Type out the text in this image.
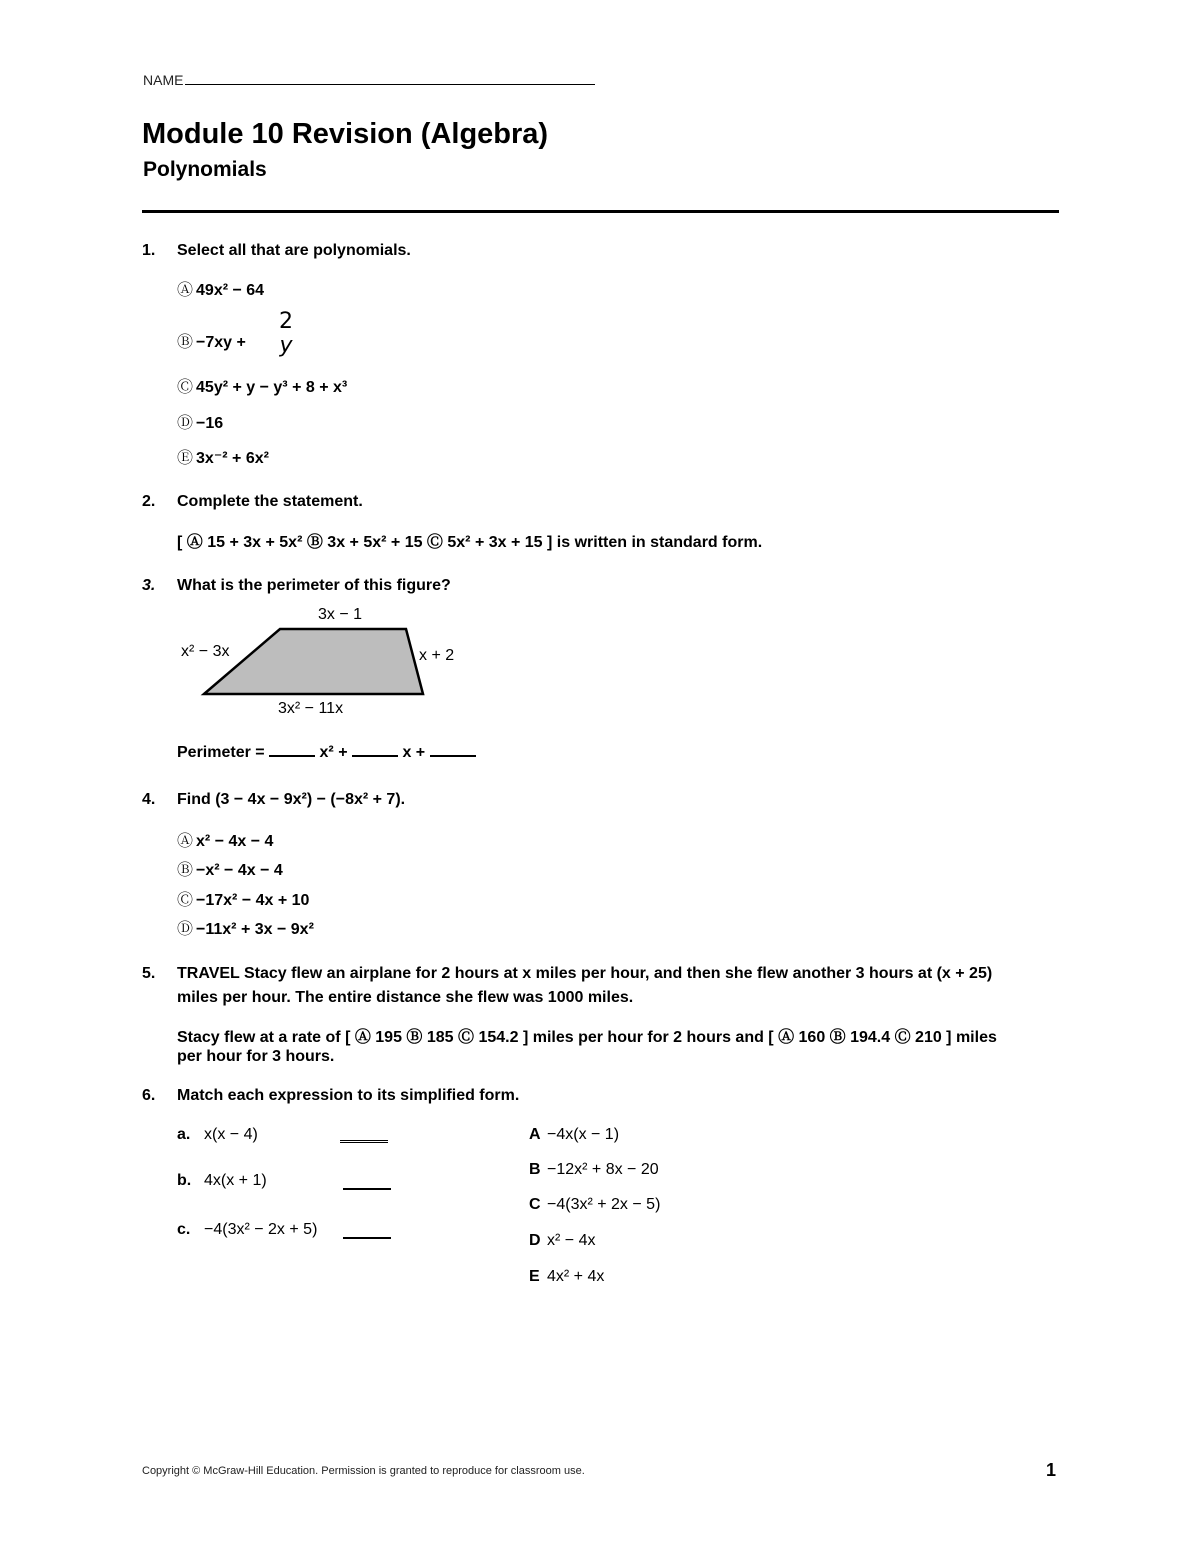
NAME
Module 10 Revision (Algebra)
Polynomials
1. Select all that are polynomials.
Ⓐ 49x² − 64
Ⓑ −7xy +
2
y
Ⓒ 45y² + y − y³ + 8 + x³
Ⓓ −16
Ⓔ 3x⁻² + 6x²
2. Complete the statement.
[ Ⓐ 15 + 3x + 5x² Ⓑ 3x + 5x² + 15 Ⓒ 5x² + 3x + 15 ] is written in standard form.
3. What is the perimeter of this figure?
3x − 1
x² − 3x	x + 2
3x² − 11x
Perimeter =	x² +	x +
4. Find (3 − 4x − 9x²) − (−8x² + 7).
Ⓐ x² − 4x − 4
Ⓑ −x² − 4x − 4
Ⓒ −17x² − 4x + 10
Ⓓ −11x² + 3x − 9x²
5. TRAVEL Stacy flew an airplane for 2 hours at x miles per hour, and then she flew another 3 hours at (x + 25)
miles per hour. The entire distance she flew was 1000 miles.
Stacy flew at a rate of [ Ⓐ 195 Ⓑ 185 Ⓒ 154.2 ] miles per hour for 2 hours and [ Ⓐ 160 Ⓑ 194.4 Ⓒ 210 ] miles
per hour for 3 hours.
6. Match each expression to its simplified form.
a. x(x − 4)
b. 4x(x + 1)
c. −4(3x² − 2x + 5)
A −4x(x − 1)
B −12x² + 8x − 20
C −4(3x² + 2x − 5)
D x² − 4x
E 4x² + 4x
Copyright © McGraw-Hill Education. Permission is granted to reproduce for classroom use.	1
